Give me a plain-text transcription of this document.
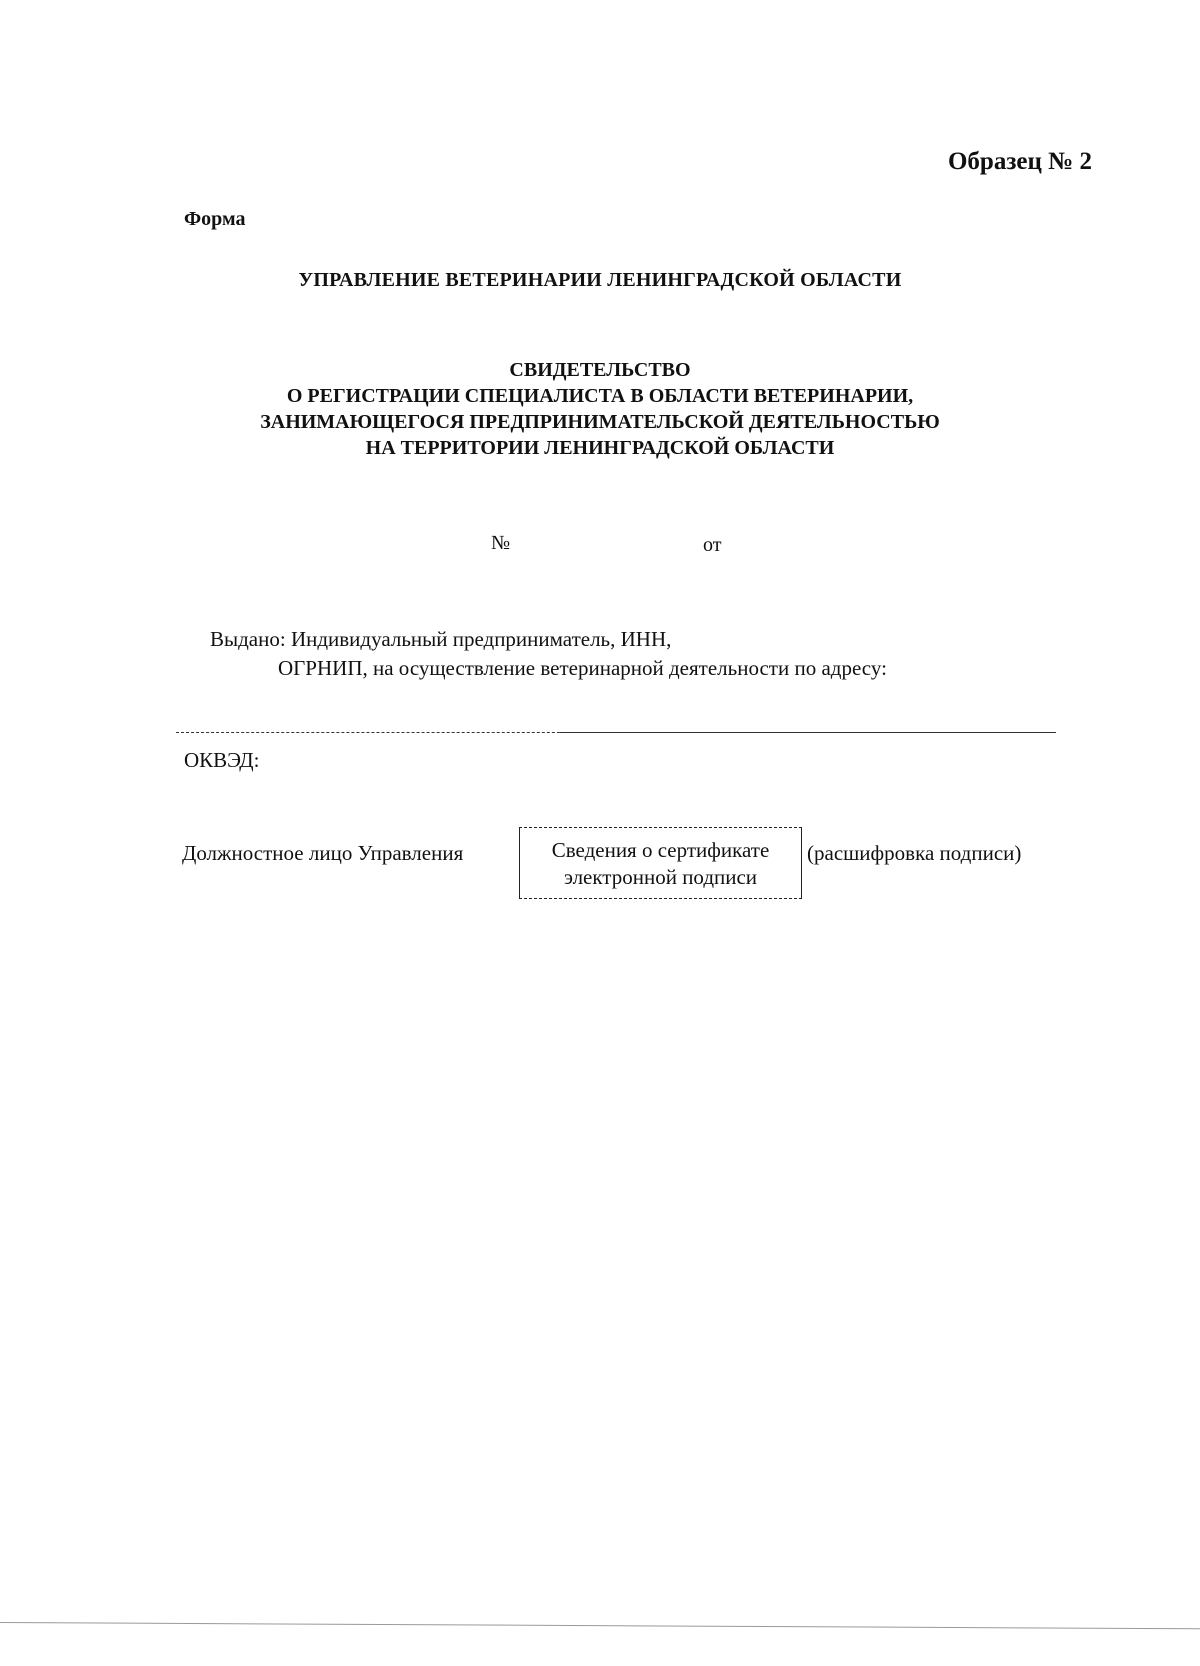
Образец № 2
Форма
УПРАВЛЕНИЕ ВЕТЕРИНАРИИ ЛЕНИНГРАДСКОЙ ОБЛАСТИ
СВИДЕТЕЛЬСТВО
О РЕГИСТРАЦИИ СПЕЦИАЛИСТА В ОБЛАСТИ ВЕТЕРИНАРИИ,
ЗАНИМАЮЩЕГОСЯ ПРЕДПРИНИМАТЕЛЬСКОЙ ДЕЯТЕЛЬНОСТЬЮ
НА ТЕРРИТОРИИ ЛЕНИНГРАДСКОЙ ОБЛАСТИ
№	от
Выдано: Индивидуальный предприниматель, ИНН,
ОГРНИП, на осуществление ветеринарной деятельности по адресу:
ОКВЭД:
Должностное лицо Управления	Сведения о сертификате
электронной подписи
(расшифровка подписи)
